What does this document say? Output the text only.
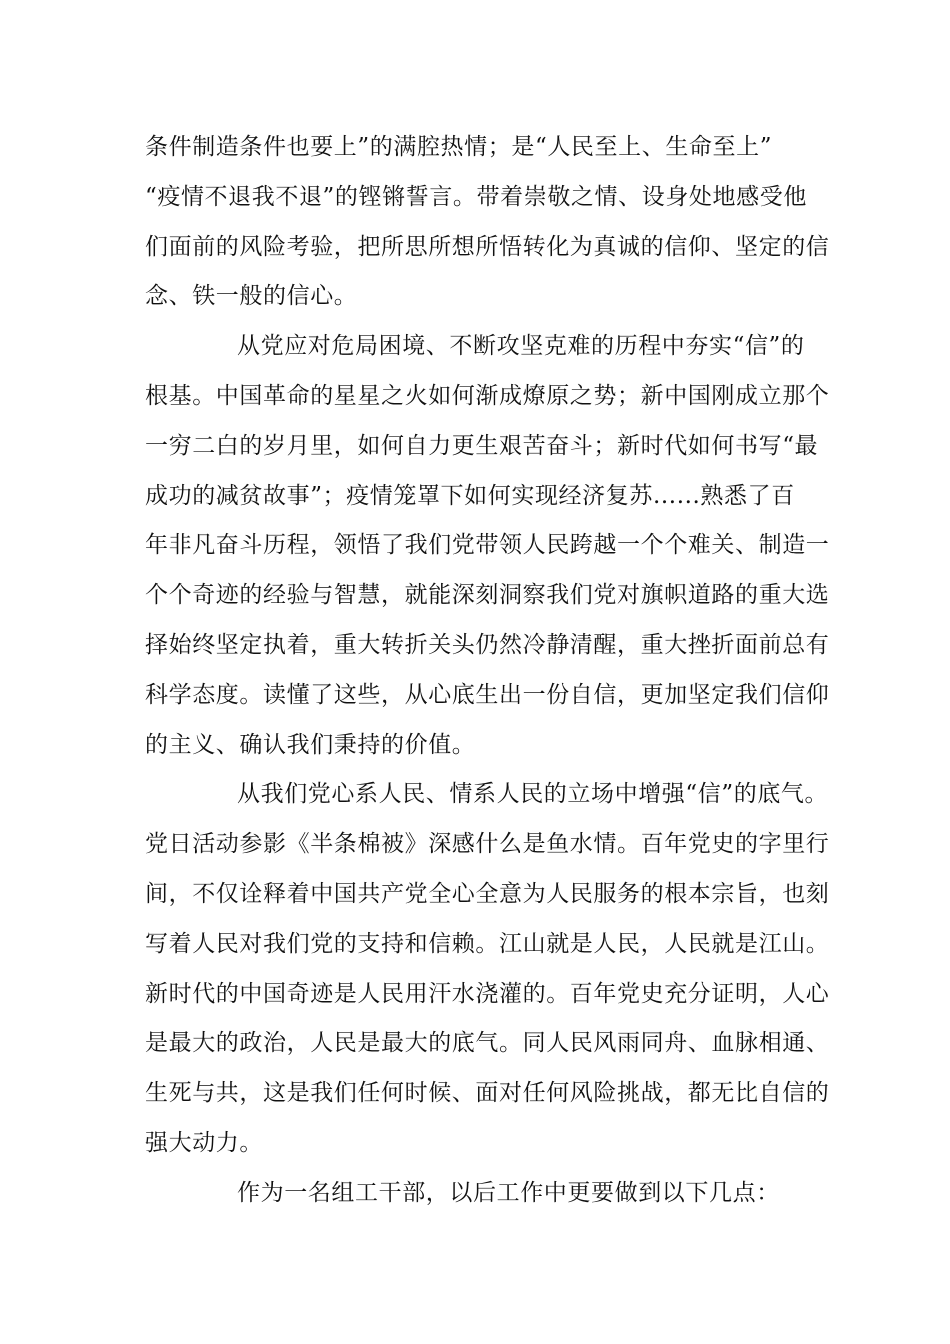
条件制造条件也要上”的满腔热情；是“人民至上、生命至上”
“疫情不退我不退”的铿锵誓言。带着崇敬之情、设身处地感受他
们面前的风险考验，把所思所想所悟转化为真诚的信仰、坚定的信
念、铁一般的信心。
从党应对危局困境、不断攻坚克难的历程中夯实“信”的
根基。中国革命的星星之火如何渐成燎原之势；新中国刚成立那个
一穷二白的岁月里，如何自力更生艰苦奋斗；新时代如何书写“最
成功的减贫故事”；疫情笼罩下如何实现经济复苏......熟悉了百
年非凡奋斗历程，领悟了我们党带领人民跨越一个个难关、制造一
个个奇迹的经验与智慧，就能深刻洞察我们党对旗帜道路的重大选
择始终坚定执着，重大转折关头仍然冷静清醒，重大挫折面前总有
科学态度。读懂了这些，从心底生出一份自信，更加坚定我们信仰
的主义、确认我们秉持的价值。
从我们党心系人民、情系人民的立场中增强“信”的底气。
党日活动参影《半条棉被》深感什么是鱼水情。百年党史的字里行
间，不仅诠释着中国共产党全心全意为人民服务的根本宗旨，也刻
写着人民对我们党的支持和信赖。江山就是人民，人民就是江山。
新时代的中国奇迹是人民用汗水浇灌的。百年党史充分证明，人心
是最大的政治，人民是最大的底气。同人民风雨同舟、血脉相通、
生死与共，这是我们任何时候、面对任何风险挑战，都无比自信的
强大动力。
作为一名组工干部，以后工作中更要做到以下几点：
